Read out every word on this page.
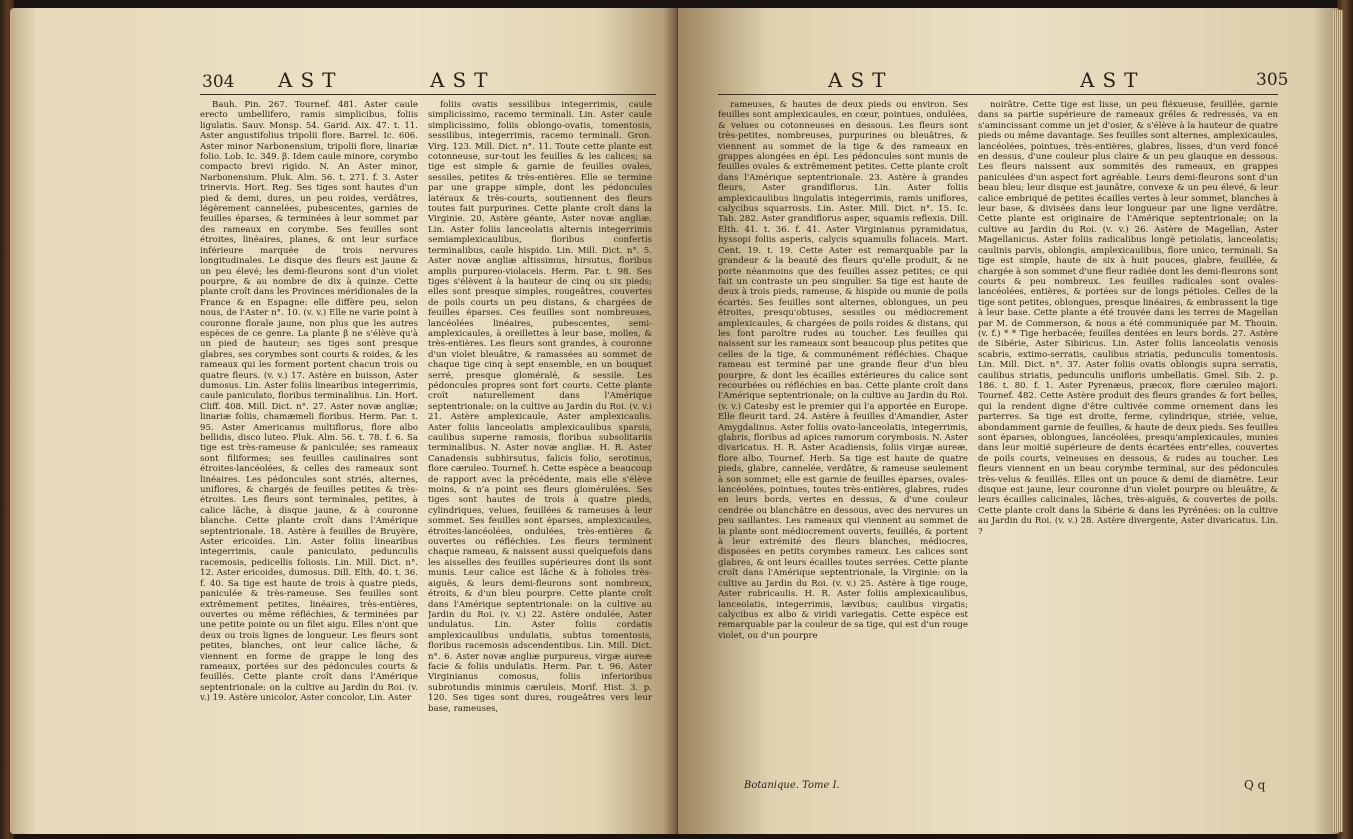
304 AST	AST

Bauh. Pin. 267. Tournef. 481. Aster caule erecto umbellifero, ramis simplicibus, foliis ligulatis. Sauv. Monsp. 54. Garid. Aix. 47. t. 11. Aster angustifolius tripolii flore. Barrel. Ic. 606. Aster minor Narbonensium, tripolii flore, linariæ folio. Lob. Ic. 349. β. Idem caule minore, corymbo compacto brevi rigido. N. An Aster minor, Narbonensium. Pluk. Alm. 56. t. 271. f. 3. Aster trinervis. Hort. Reg. Ses tiges sont hautes d'un pied & demi, dures, un peu roides, verdâtres, légèrement cannelées, pubescentes, garnies de feuilles éparses, & terminées à leur sommet par des rameaux en corymbe. Ses feuilles sont étroites, linéaires, planes, & ont leur surface inférieure marquée de trois nervures longitudinales. Le disque des fleurs est jaune & un peu élevé; les demi-fleurons sont d'un violet pourpre, & au nombre de dix à quinze. Cette plante croît dans les Provinces méridionales de la France & en Espagne: elle diffère peu, selon nous, de l'Aster n°. 10. (v. v.) Elle ne varie point à couronne florale jaune, non plus que les autres espèces de ce genre. La plante β ne s'élève qu'à un pied de hauteur; ses tiges sont presque glabres, ses corymbes sont courts & roides, & les rameaux qui les forment portent chacun trois ou quatre fleurs. (v. v.) 17. Astère en buisson, Aster dumosus. Lin. Aster foliis linearibus integerrimis, caule paniculato, floribus terminalibus. Lin. Hort. Cliff. 408. Mill. Dict. n°. 27. Aster novæ angliæ; linariæ foliis, chamæmeli floribus. Herm. Par. t. 95. Aster Americanus multiflorus, flore albo bellidis, disco luteo. Pluk. Alm. 56. t. 78. f. 6. Sa tige est très-rameuse & paniculée; ses rameaux sont filiformes; ses feuilles caulinaires sont étroites-lancéolées, & celles des rameaux sont linéaires. Les pédoncules sont striés, alternes, uniflores, & chargés de feuilles petites & très-étroites. Les fleurs sont terminales, petites, à calice lâche, à disque jaune, & à couronne blanche. Cette plante croît dans l'Amérique septentrionale. 18. Astère à feuilles de Bruyère, Aster ericoides. Lin. Aster foliis linearibus integerrimis, caule paniculato, pedunculis racemosis, pedicellis foliosis. Lin. Mill. Dict. n°. 12. Aster ericoides, dumosus. Dill. Elth. 40. t. 36. f. 40. Sa tige est haute de trois à quatre pieds, paniculée & très-rameuse. Ses feuilles sont extrêmement petites, linéaires, très-entières, ouvertes ou même réfléchies, & terminées par une petite pointe ou un filet aigu. Elles n'ont que deux ou trois lignes de longueur. Les fleurs sont petites, blanches, ont leur calice lâche, & viennent en forme de grappe le long des rameaux, portées sur des pédoncules courts & feuillés. Cette plante croît dans l'Amérique septentrionale: on la cultive au Jardin du Roi. (v. v.) 19. Astère unicolor, Aster concolor, Lin. Aster

foliis ovatis sessilibus integerrimis, caule simplicissimo, racemo terminali. Lin. Aster caule simplicissimo, foliis oblongo-ovatis, tomentosis, sessilibus, integerrimis, racemo terminali. Gron. Virg. 123. Mill. Dict. n°. 11. Toute cette plante est cotonneuse, sur-tout les feuilles & les calices; sa tige est simple & garnie de feuilles ovales, sessiles, petites & très-entières. Elle se termine par une grappe simple, dont les pédoncules latéraux & très-courts, soutiennent des fleurs toutes fait purpurines. Cette plante croît dans la Virginie. 20. Astère géante, Aster novæ angliæ. Lin. Aster foliis lanceolatis alternis integerrimis semiamplexicaulibus, floribus confertis terminalibus, caule hispido. Lin. Mill. Dict. n°. 5. Aster novæ angliæ altissimus, hirsutus, floribus amplis purpureo-violaceis. Herm. Par. t. 98. Ses tiges s'élèvent à la hauteur de cinq ou six pieds; elles sont presque simples, rougeâtres, couvertes de poils courts un peu distans, & chargées de feuilles éparses. Ces feuilles sont nombreuses, lancéolées linéaires, pubescentes, semi-amplexicaules, à oreillettes à leur base, molles, & très-entières. Les fleurs sont grandes, à couronne d'un violet bleuâtre, & ramassées au sommet de chaque tige cinq à sept ensemble, en un bouquet serré, presque gloméralé, & sessile. Les pédoncules propres sont fort courts. Cette plante croît naturellement dans l'Amérique septentrionale: on la cultive au Jardin du Roi. (v. v.) 21. Astère amplexicaule, Aster amplexicaulis. Aster foliis lanceolatis amplexicaulibus sparsis, caulibus superne ramosis, floribus subsolitariis terminalibus. N. Aster novæ angliæ. H. R. Aster Canadensis subhirsutus, falicis folio, serotinus, flore cæruleo. Tournef. h. Cette espèce a beaucoup de rapport avec la précédente, mais elle s'élève moins, & n'a point ses fleurs glomérulées. Ses tiges sont hautes de trois à quatre pieds, cylindriques, velues, feuillées & rameuses à leur sommet. Ses feuilles sont éparses, amplexicaules, étroites-lancéolées, ondulées, très-entières & ouvertes ou réfléchies. Les fleurs terminent chaque rameau, & naissent aussi quelquefois dans les aisselles des feuilles supérieures dont ils sont munis. Leur calice est lâche & à folioles très-aiguës, & leurs demi-fleurons sont nombreux, étroits, & d'un bleu pourpre. Cette plante croît dans l'Amérique septentrionale: on la cultive au Jardin du Roi. (v. v.) 22. Astère ondulée, Aster undulatus. Lin. Aster foliis cordatis amplexicaulibus undulatis, subtus tomentosis, floribus racemosis adscendentibus. Lin. Mill. Dict. n°. 6. Aster novæ angliæ purpureus, virgæ aureæ facie & foliis undulatis. Herm. Par. t. 96. Aster Virginianus comosus, foliis inferioribus subrotundis minimis cæruleis. Morif. Hist. 3. p. 120. Ses tiges sont dures, rougeâtres vers leur base, rameuses,

AST	AST	305

rameuses, & hautes de deux pieds ou environ. Ses feuilles sont amplexicaules, en cœur, pointues, ondulées, & velues ou cotonneuses en dessous. Les fleurs sont très-petites, nombreuses, purpurines ou bleuâtres, & viennent au sommet de la tige & des rameaux en grappes alongées en épi. Les pédoncules sont munis de feuilles ovales & extrêmement petites. Cette plante croît dans l'Amérique septentrionale. 23. Astère à grandes fleurs, Aster grandiflorus. Lin. Aster foliis amplexicaulibus lingulatis integerrimis, ramis uniflores, calycibus squarrosis. Lin. Aster. Mill. Dict. n°. 15. Ic. Tab. 282. Aster grandiflorus asper, squamis reflexis. Dill. Elth. 41. t. 36. f. 41. Aster Virginianus pyramidatus, hyssopi foliis asperis, calycis squamulis foliaceis. Mart. Cent. 19. t. 19. Cette Aster est remarquable par la grandeur & la beauté des fleurs qu'elle produit, & ne porte néanmoins que des feuilles assez petites; ce qui fait un contraste un peu singulier. Sa tige est haute de deux à trois pieds, rameuse, & hispide ou munie de poils écartés. Ses feuilles sont alternes, oblongues, un peu étroites, presqu'obtuses, sessiles ou médiocrement amplexicaules, & chargées de poils roides & distans, qui les font paroître rudes au toucher. Les feuilles qui naissent sur les rameaux sont beaucoup plus petites que celles de la tige, & communément réfléchies. Chaque rameau est terminé par une grande fleur d'un bleu pourpre, & dont les écailles extérieures du calice sont recourbées ou réfléchies en bas. Cette plante croît dans l'Amérique septentrionale; on la cultive au Jardin du Roi. (v. v.) Catesby est le premier qui l'a apportée en Europe. Elle fleurit tard. 24. Astère à feuilles d'Amandier, Aster Amygdalinus. Aster foliis ovato-lanceolatis, integerrimis, glabris, floribus ad apices ramorum corymbosis. N. Aster divaricatus. H. R. Aster Acadiensis, foliis virgæ aureæ, flore albo. Tournef. Herb. Sa tige est haute de quatre pieds, glabre, cannelée, verdâtre, & rameuse seulement à son sommet; elle est garnie de feuilles éparses, ovales-lancéolées, pointues, toutes très-entières, glabres, rudes en leurs bords, vertes en dessus, & d'une couleur cendrée ou blanchâtre en dessous, avec des nervures un peu saillantes. Les rameaux qui viennent au sommet de la plante sont médiocrement ouverts, feuillés, & portent à leur extrémité des fleurs blanches, médiocres, disposées en petits corymbes rameux. Les calices sont glabres, & ont leurs écailles toutes serrées. Cette plante croît dans l'Amérique septentrionale, la Virginie: on la cultive au Jardin du Roi. (v. v.) 25. Astère à tige rouge, Aster rubricaulis. H. R. Aster foliis amplexicaulibus, lanceolatis, integerrimis, lævibus; caulibus virgatis; calycibus ex albo & viridi variegatis. Cette espèce est remarquable par la couleur de sa tige, qui est d'un rouge violet, ou d'un pourpre

noirâtre. Cette tige est lisse, un peu fléxueuse, feuillée, garnie dans sa partie supérieure de rameaux grêles & redressés, va en s'amincissant comme un jet d'osier, & s'élève à la hauteur de quatre pieds ou même davantage. Ses feuilles sont alternes, amplexicaules, lancéolées, pointues, très-entières, glabres, lisses, d'un verd foncé en dessus, d'une couleur plus claire & un peu glauque en dessous. Les fleurs naissent aux sommités des rameaux, en grappes paniculées d'un aspect fort agréable. Leurs demi-fleurons sont d'un beau bleu; leur disque est jaunâtre, convexe & un peu élevé, & leur calice embriqué de petites écailles vertes à leur sommet, blanches à leur base, & divisées dans leur longueur par une ligne verdâtre. Cette plante est originaire de l'Amérique septentrionale; on la cultive au Jardin du Roi. (v. v.) 26. Astère de Magellan, Aster Magellanicus. Aster foliis radicalibus longè petiolatis, lanceolatis; caulinis parvis, oblongis, amplexicaulibus, flore unico, terminali. Sa tige est simple, haute de six à huit pouces, glabre, feuillée, & chargée à son sommet d'une fleur radiée dont les demi-fleurons sont courts & peu nombreux. Les feuilles radicales sont ovales-lancéolées, entières, & portées sur de longs pétioles. Celles de la tige sont petites, oblongues, presque linéaires, & embrassent la tige à leur base. Cette plante a été trouvée dans les terres de Magellan par M. de Commerson, & nous a été communiquée par M. Thouin. (v. f.) * * Tige herbacée; feuilles dentées en leurs bords. 27. Astère de Sibérie, Aster Sibiricus. Lin. Aster foliis lanceolatis venosis scabris, extimo-serratis, caulibus striatis, pedunculis tomentosis. Lin. Mill. Dict. n°. 37. Aster foliis ovatis oblongis supra serratis, caulibus striatis, pedunculis unifloris umbellatis. Gmel. Sib. 2. p. 186. t. 80. f. 1. Aster Pyrenæus, præcox, flore cæruleo majori. Tournef. 482. Cette Astère produit des fleurs grandes & fort belles, qui la rendent digne d'être cultivée comme ornement dans les parterres. Sa tige est droite, ferme, cylindrique, striée, velue, abondamment garnie de feuilles, & haute de deux pieds. Ses feuilles sont éparses, oblongues, lancéolées, presqu'amplexicaules, munies dans leur moitié supérieure de dents écartées entr'elles, couvertes de poils courts, veineuses en dessous, & rudes au toucher. Les fleurs viennent en un beau corymbe terminal, sur des pédoncules très-velus & feuillés. Elles ont un pouce & demi de diamètre. Leur disque est jaune, leur couronne d'un violet pourpre ou bleuâtre, & leurs écailles calicinales, lâches, très-aiguës, & couvertes de poils. Cette plante croît dans la Sibérie & dans les Pyrénées: on la cultive au Jardin du Roi. (v. v.) 28. Astère divergente, Aster divaricatus. Lin. ?

Botanique. Tome I.	Q q
